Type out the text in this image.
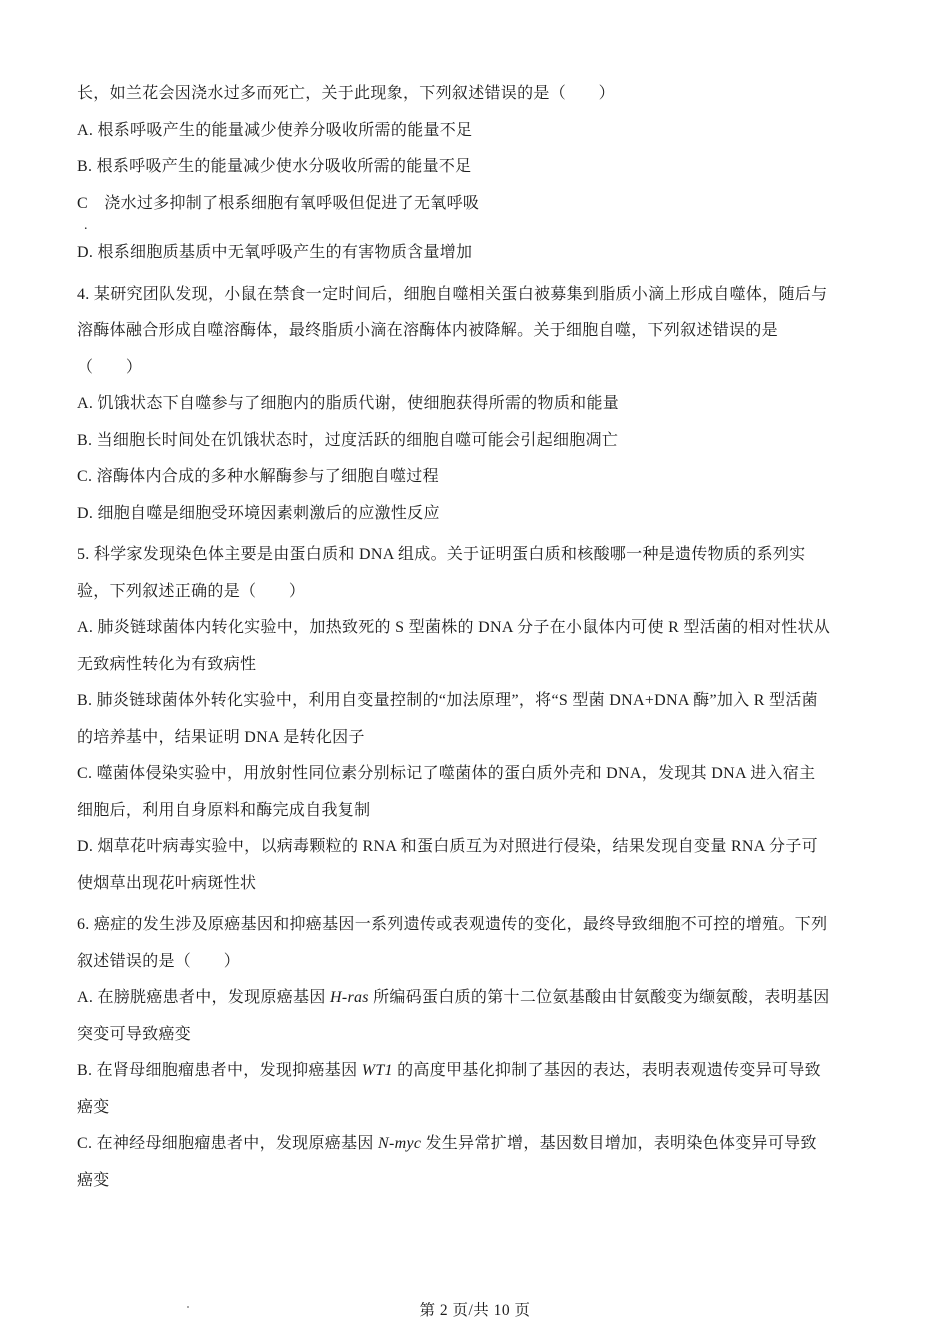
长，如兰花会因浇水过多而死亡，关于此现象，下列叙述错误的是（　　）
A. 根系呼吸产生的能量减少使养分吸收所需的能量不足
B. 根系呼吸产生的能量减少使水分吸收所需的能量不足
C　浇水过多抑制了根系细胞有氧呼吸但促进了无氧呼吸
.
D. 根系细胞质基质中无氧呼吸产生的有害物质含量增加
4. 某研究团队发现，小鼠在禁食一定时间后，细胞自噬相关蛋白被募集到脂质小滴上形成自噬体，随后与
溶酶体融合形成自噬溶酶体，最终脂质小滴在溶酶体内被降解。关于细胞自噬，下列叙述错误的是
（　　）
A. 饥饿状态下自噬参与了细胞内的脂质代谢，使细胞获得所需的物质和能量
B. 当细胞长时间处在饥饿状态时，过度活跃的细胞自噬可能会引起细胞凋亡
C. 溶酶体内合成的多种水解酶参与了细胞自噬过程
D. 细胞自噬是细胞受环境因素刺激后的应激性反应
5. 科学家发现染色体主要是由蛋白质和 DNA 组成。关于证明蛋白质和核酸哪一种是遗传物质的系列实
验，下列叙述正确的是（　　）
A. 肺炎链球菌体内转化实验中，加热致死的 S 型菌株的 DNA 分子在小鼠体内可使 R 型活菌的相对性状从
无致病性转化为有致病性
B. 肺炎链球菌体外转化实验中，利用自变量控制的“加法原理”，将“S 型菌 DNA+DNA 酶”加入 R 型活菌
的培养基中，结果证明 DNA 是转化因子
C. 噬菌体侵染实验中，用放射性同位素分别标记了噬菌体的蛋白质外壳和 DNA，发现其 DNA 进入宿主
细胞后，利用自身原料和酶完成自我复制
D. 烟草花叶病毒实验中，以病毒颗粒的 RNA 和蛋白质互为对照进行侵染，结果发现自变量 RNA 分子可
使烟草出现花叶病斑性状
6. 癌症的发生涉及原癌基因和抑癌基因一系列遗传或表观遗传的变化，最终导致细胞不可控的增殖。下列
叙述错误的是（　　）
A. 在膀胱癌患者中，发现原癌基因 H-ras 所编码蛋白质的第十二位氨基酸由甘氨酸变为缬氨酸，表明基因
突变可导致癌变
B. 在肾母细胞瘤患者中，发现抑癌基因 WT1 的高度甲基化抑制了基因的表达，表明表观遗传变异可导致
癌变
C. 在神经母细胞瘤患者中，发现原癌基因 N-myc 发生异常扩增，基因数目增加，表明染色体变异可导致
癌变
第 2 页/共 10 页
